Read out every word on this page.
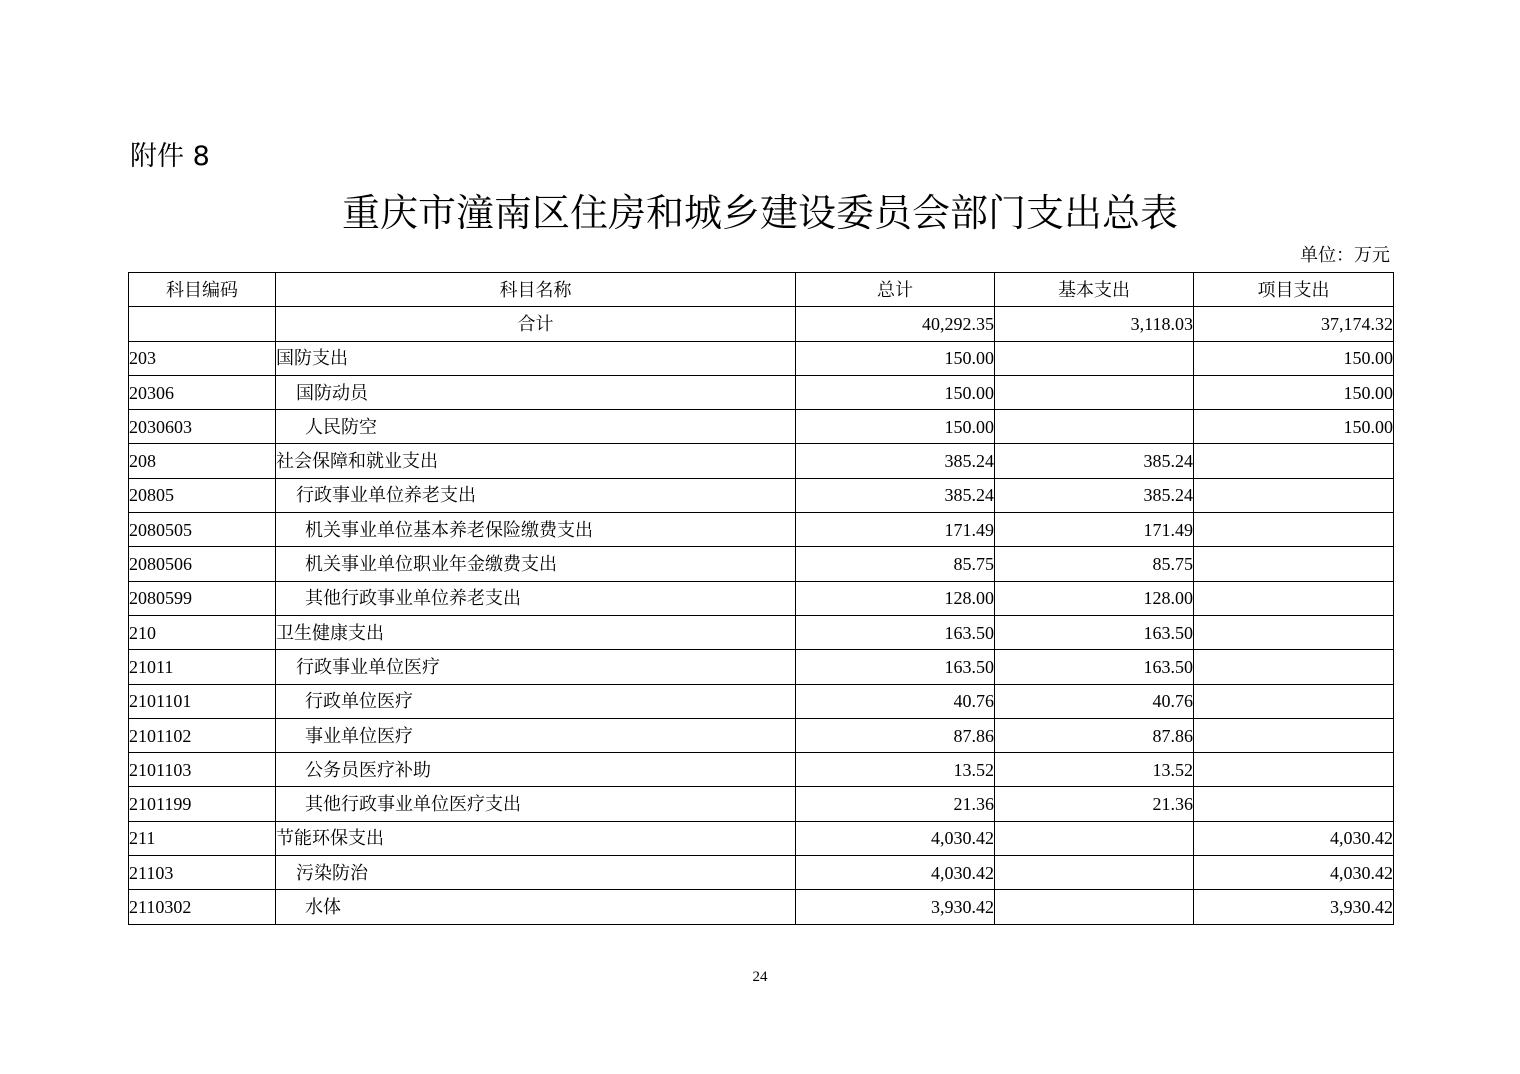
附件 8
重庆市潼南区住房和城乡建设委员会部门支出总表
单位：万元
科目编码	科目名称	总计	基本支出	项目支出
	合计	40,292.35	3,118.03	37,174.32
203	国防支出	150.00		150.00
20306	国防动员	150.00		150.00
2030603	人民防空	150.00		150.00
208	社会保障和就业支出	385.24	385.24	
20805	行政事业单位养老支出	385.24	385.24	
2080505	机关事业单位基本养老保险缴费支出	171.49	171.49	
2080506	机关事业单位职业年金缴费支出	85.75	85.75	
2080599	其他行政事业单位养老支出	128.00	128.00	
210	卫生健康支出	163.50	163.50	
21011	行政事业单位医疗	163.50	163.50	
2101101	行政单位医疗	40.76	40.76	
2101102	事业单位医疗	87.86	87.86	
2101103	公务员医疗补助	13.52	13.52	
2101199	其他行政事业单位医疗支出	21.36	21.36	
211	节能环保支出	4,030.42		4,030.42
21103	污染防治	4,030.42		4,030.42
2110302	水体	3,930.42		3,930.42
24
